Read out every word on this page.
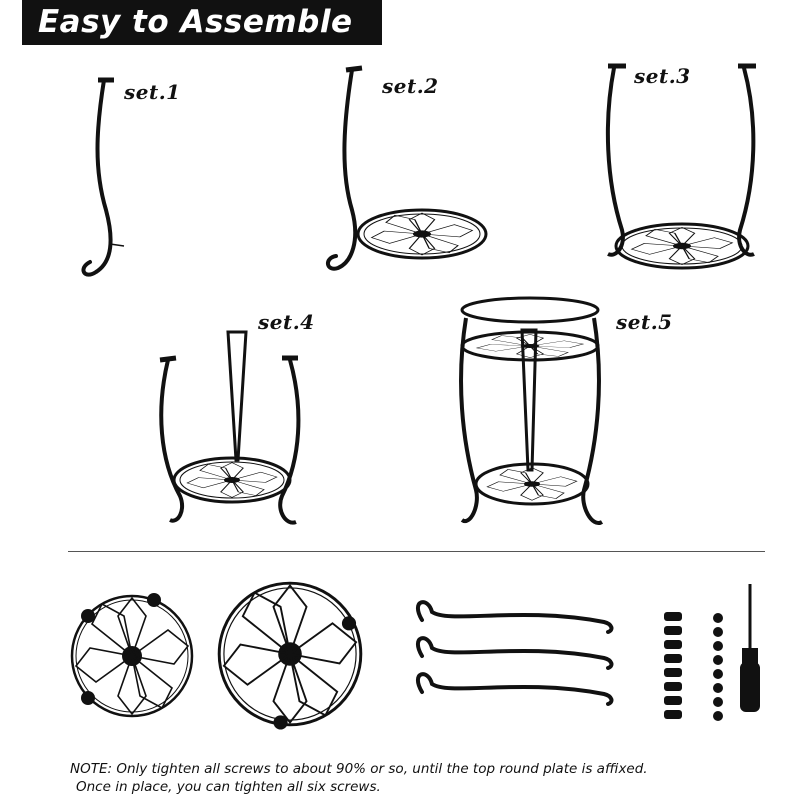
Easy to Assemble
set.1	set.2	set.3
set.4	set.5
NOTE: Only tighten all screws to about 90% or so, until the top round plate is affixed.
Once in place, you can tighten all six screws.
